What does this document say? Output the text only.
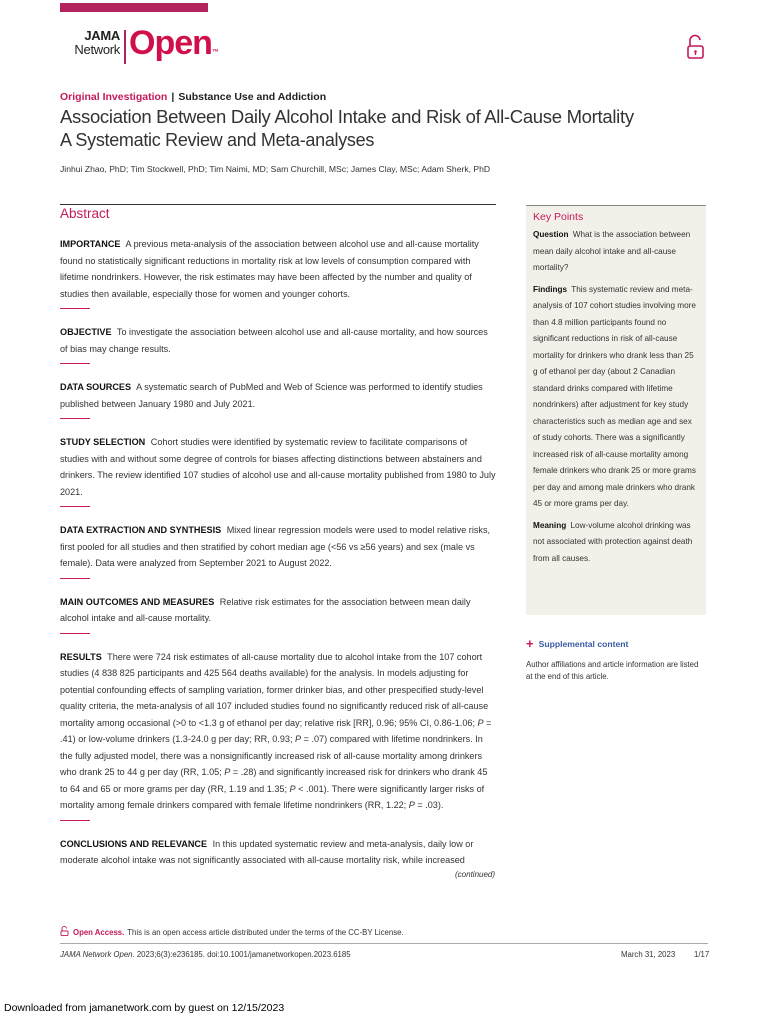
JAMA
Network Open™
Original Investigation | Substance Use and Addiction
Association Between Daily Alcohol Intake and Risk of All-Cause Mortality
A Systematic Review and Meta-analyses
Jinhui Zhao, PhD; Tim Stockwell, PhD; Tim Naimi, MD; Sam Churchill, MSc; James Clay, MSc; Adam Sherk, PhD
Abstract

IMPORTANCE A previous meta-analysis of the association between alcohol use and all-cause mortality found no statistically significant reductions in mortality risk at low levels of consumption compared with lifetime nondrinkers. However, the risk estimates may have been affected by the number and quality of studies then available, especially those for women and younger cohorts.

OBJECTIVE To investigate the association between alcohol use and all-cause mortality, and how sources of bias may change results.

DATA SOURCES A systematic search of PubMed and Web of Science was performed to identify studies published between January 1980 and July 2021.

STUDY SELECTION Cohort studies were identified by systematic review to facilitate comparisons of studies with and without some degree of controls for biases affecting distinctions between abstainers and drinkers. The review identified 107 studies of alcohol use and all-cause mortality published from 1980 to July 2021.

DATA EXTRACTION AND SYNTHESIS Mixed linear regression models were used to model relative risks, first pooled for all studies and then stratified by cohort median age (<56 vs ≥56 years) and sex (male vs female). Data were analyzed from September 2021 to August 2022.

MAIN OUTCOMES AND MEASURES Relative risk estimates for the association between mean daily alcohol intake and all-cause mortality.

RESULTS There were 724 risk estimates of all-cause mortality due to alcohol intake from the 107 cohort studies (4 838 825 participants and 425 564 deaths available) for the analysis. In models adjusting for potential confounding effects of sampling variation, former drinker bias, and other prespecified study-level quality criteria, the meta-analysis of all 107 included studies found no significantly reduced risk of all-cause mortality among occasional (>0 to <1.3 g of ethanol per day; relative risk [RR], 0.96; 95% CI, 0.86-1.06; P = .41) or low-volume drinkers (1.3-24.0 g per day; RR, 0.93; P = .07) compared with lifetime nondrinkers. In the fully adjusted model, there was a nonsignificantly increased risk of all-cause mortality among drinkers who drank 25 to 44 g per day (RR, 1.05; P = .28) and significantly increased risk for drinkers who drank 45 to 64 and 65 or more grams per day (RR, 1.19 and 1.35; P < .001). There were significantly larger risks of mortality among female drinkers compared with female lifetime nondrinkers (RR, 1.22; P = .03).

CONCLUSIONS AND RELEVANCE In this updated systematic review and meta-analysis, daily low or moderate alcohol intake was not significantly associated with all-cause mortality risk, while increased

(continued)
Key Points
Question What is the association between mean daily alcohol intake and all-cause mortality?
Findings This systematic review and meta-analysis of 107 cohort studies involving more than 4.8 million participants found no significant reductions in risk of all-cause mortality for drinkers who drank less than 25 g of ethanol per day (about 2 Canadian standard drinks compared with lifetime nondrinkers) after adjustment for key study characteristics such as median age and sex of study cohorts. There was a significantly increased risk of all-cause mortality among female drinkers who drank 25 or more grams per day and among male drinkers who drank 45 or more grams per day.
Meaning Low-volume alcohol drinking was not associated with protection against death from all causes.
+ Supplemental content
Author affiliations and article information are listed at the end of this article.
Open Access. This is an open access article distributed under the terms of the CC-BY License.
JAMA Network Open. 2023;6(3):e236185. doi:10.1001/jamanetworkopen.2023.6185	March 31, 2023 1/17
Downloaded from jamanetwork.com by guest on 12/15/2023
